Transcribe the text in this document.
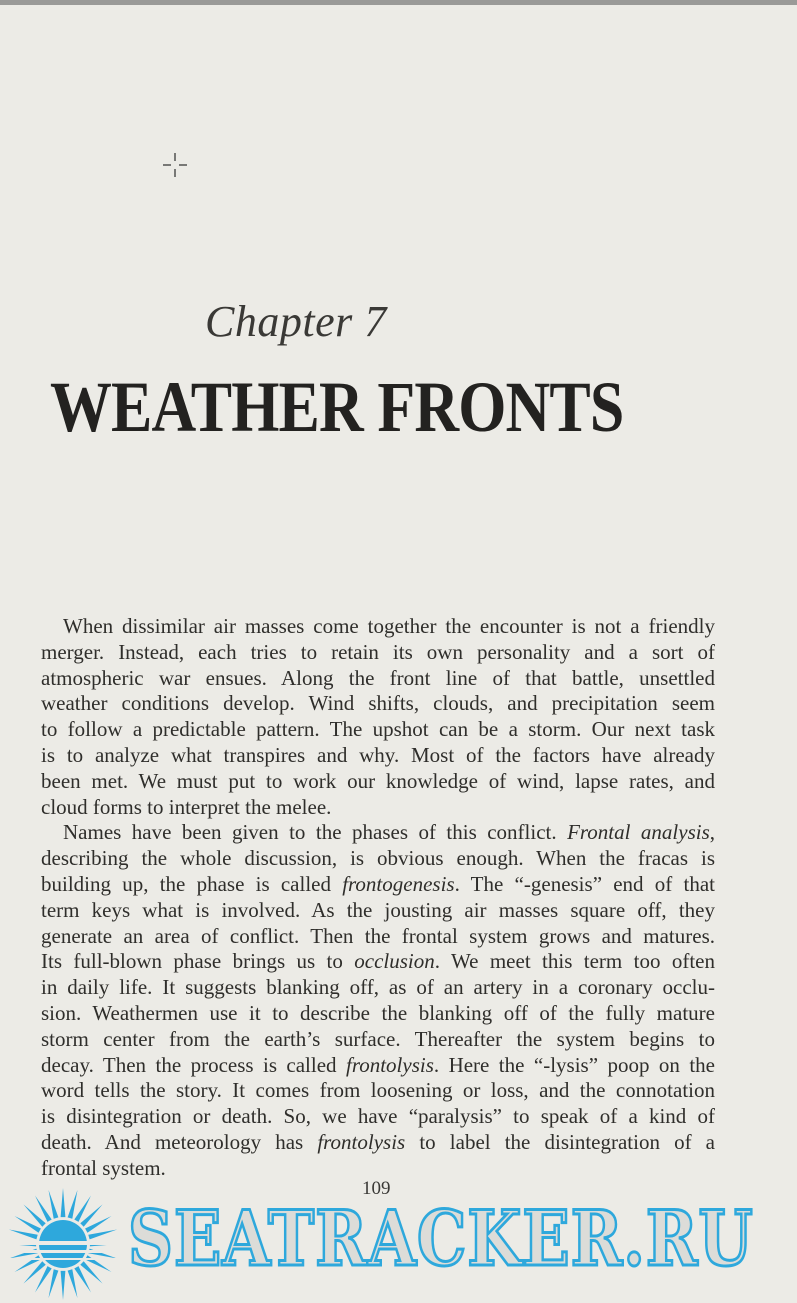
Chapter 7
WEATHER FRONTS
When dissimilar air masses come together the encounter is not a friendly
merger. Instead, each tries to retain its own personality and a sort of
atmospheric war ensues. Along the front line of that battle, unsettled
weather conditions develop. Wind shifts, clouds, and precipitation seem
to follow a predictable pattern. The upshot can be a storm. Our next task
is to analyze what transpires and why. Most of the factors have already
been met. We must put to work our knowledge of wind, lapse rates, and
cloud forms to interpret the melee.
Names have been given to the phases of this conflict. Frontal analysis,
describing the whole discussion, is obvious enough. When the fracas is
building up, the phase is called frontogenesis. The “-genesis” end of that
term keys what is involved. As the jousting air masses square off, they
generate an area of conflict. Then the frontal system grows and matures.
Its full-blown phase brings us to occlusion. We meet this term too often
in daily life. It suggests blanking off, as of an artery in a coronary occlu-
sion. Weathermen use it to describe the blanking off of the fully mature
storm center from the earth’s surface. Thereafter the system begins to
decay. Then the process is called frontolysis. Here the “-lysis” poop on the
word tells the story. It comes from loosening or loss, and the connotation
is disintegration or death. So, we have “paralysis” to speak of a kind of
death. And meteorology has frontolysis to label the disintegration of a
frontal system.
109
SEATRACKER.RU
